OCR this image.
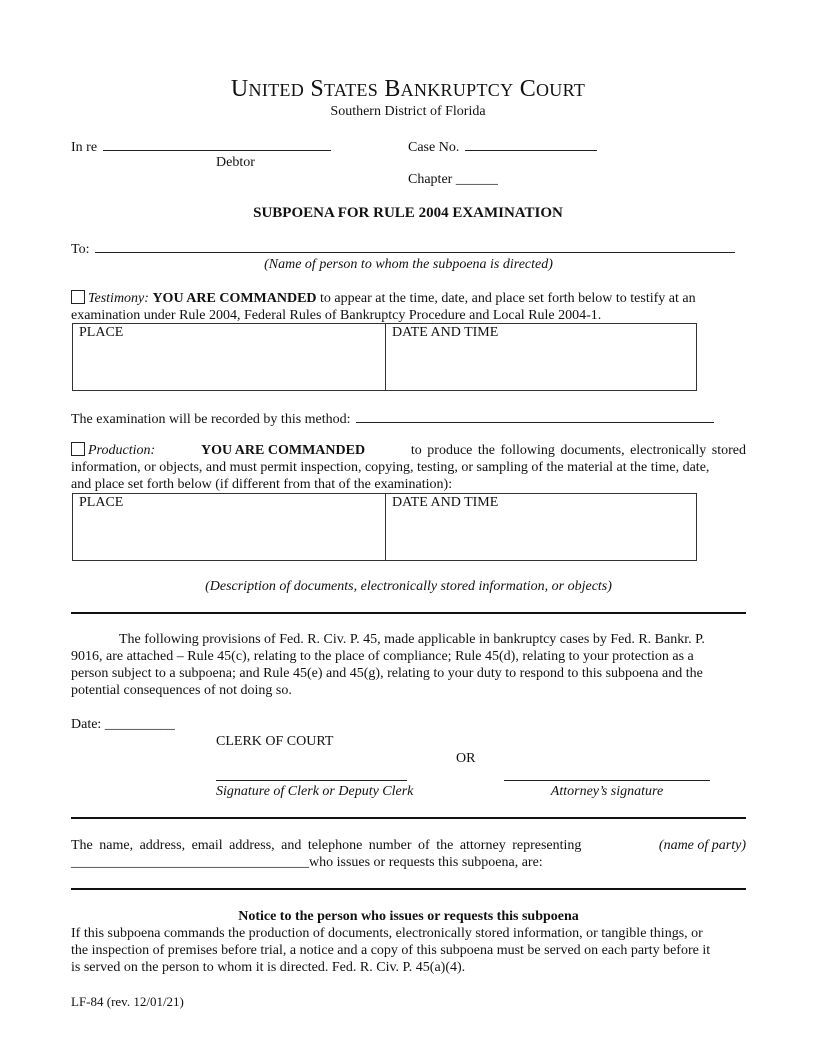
UNITED STATES BANKRUPTCY COURT
Southern District of Florida
In re
Debtor
Case No.
Chapter ______
SUBPOENA FOR RULE 2004 EXAMINATION
To:
(Name of person to whom the subpoena is directed)
Testimony: YOU ARE COMMANDED to appear at the time, date, and place set forth below to testify at an
examination under Rule 2004, Federal Rules of Bankruptcy Procedure and Local Rule 2004-1.
PLACE	DATE AND TIME
The examination will be recorded by this method:
Production:	YOU ARE COMMANDED	to produce the following documents, electronically stored
information, or objects, and must permit inspection, copying, testing, or sampling of the material at the time, date,
and place set forth below (if different from that of the examination):
PLACE	DATE AND TIME
(Description of documents, electronically stored information, or objects)
The following provisions of Fed. R. Civ. P. 45, made applicable in bankruptcy cases by Fed. R. Bankr. P.
9016, are attached – Rule 45(c), relating to the place of compliance; Rule 45(d), relating to your protection as a
person subject to a subpoena; and Rule 45(e) and 45(g), relating to your duty to respond to this subpoena and the
potential consequences of not doing so.
Date: __________
CLERK OF COURT
OR
Signature of Clerk or Deputy Clerk	Attorney’s signature
The name, address, email address, and telephone number of the attorney representing	(name of party)
__________________________________who issues or requests this subpoena, are:
Notice to the person who issues or requests this subpoena
If this subpoena commands the production of documents, electronically stored information, or tangible things, or
the inspection of premises before trial, a notice and a copy of this subpoena must be served on each party before it
is served on the person to whom it is directed. Fed. R. Civ. P. 45(a)(4).
LF-84 (rev. 12/01/21)
